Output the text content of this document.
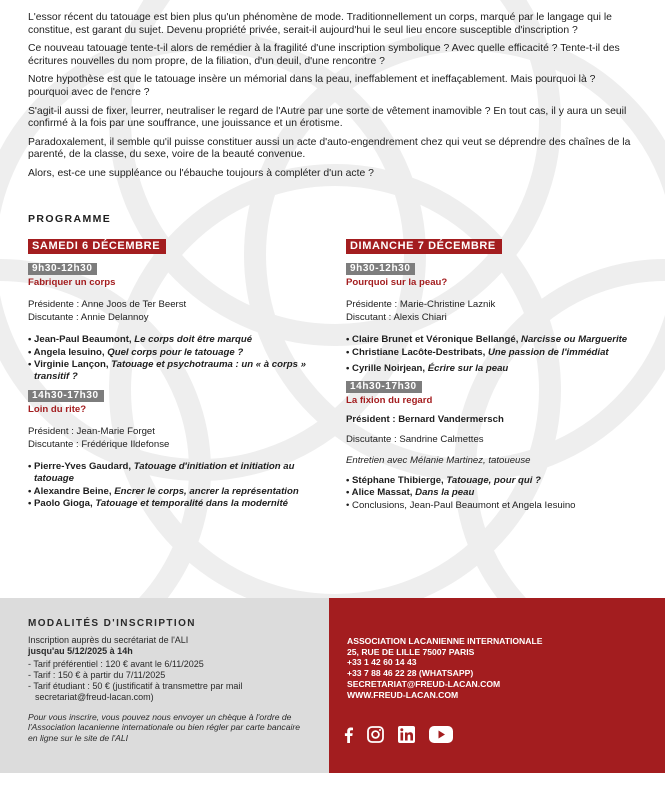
L'essor récent du tatouage est bien plus qu'un phénomène de mode. Traditionnellement un corps, marqué par le langage qui le constitue, est garant du sujet. Devenu propriété privée, serait-il aujourd'hui le seul lieu encore susceptible d'inscription ?

Ce nouveau tatouage tente-t-il alors de remédier à la fragilité d'une inscription symbolique ? Avec quelle efficacité ? Tente-t-il des écritures nouvelles du nom propre, de la filiation, d'un deuil, d'une rencontre ?

Notre hypothèse est que le tatouage insère un mémorial dans la peau, ineffablement et ineffaçablement. Mais pourquoi là ? pourquoi avec de l'encre ?

S'agit-il aussi de fixer, leurrer, neutraliser le regard de l'Autre par une sorte de vêtement inamovible ? En tout cas, il y aura un seuil confirmé à la fois par une souffrance, une jouissance et un érotisme.

Paradoxalement, il semble qu'il puisse constituer aussi un acte d'auto-engendrement chez qui veut se déprendre des chaînes de la parenté, de la classe, du sexe, voire de la beauté convenue.

Alors, est-ce une suppléance ou l'ébauche toujours à compléter d'un acte ?

PROGRAMME
SAMEDI 6 DÉCEMBRE
9h30-12h30
Fabriquer un corps
Présidente : Anne Joos de Ter Beerst
Discutante : Annie Delannoy
• Jean-Paul Beaumont, Le corps doit être marqué
• Angela Iesuino, Quel corps pour le tatouage ?
• Virginie Lançon, Tatouage et psychotrauma : un « à corps » transitif ?
14h30-17h30
Loin du rite?
Président : Jean-Marie Forget
Discutante : Frédérique Ildefonse
• Pierre-Yves Gaudard, Tatouage d'initiation et initiation au tatouage
• Alexandre Beine, Encrer le corps, ancrer la représentation
• Paolo Gioga, Tatouage et temporalité dans la modernité
DIMANCHE 7 DÉCEMBRE
9h30-12h30
Pourquoi sur la peau?
Présidente : Marie-Christine Laznik
Discutant : Alexis Chiari
• Claire Brunet et Véronique Bellangé, Narcisse ou Marguerite
• Christiane Lacôte-Destribats, Une passion de l'immédiat
• Cyrille Noirjean, Écrire sur la peau
14h30-17h30
La fixion du regard
Président : Bernard Vandermersch
Discutante : Sandrine Calmettes
Entretien avec Mélanie Martinez, tatoueuse
• Stéphane Thibierge, Tatouage, pour qui ?
• Alice Massat, Dans la peau
• Conclusions, Jean-Paul Beaumont et Angela Iesuino
MODALITÉS D'INSCRIPTION
Inscription auprès du secrétariat de l'ALI
jusqu'au 5/12/2025 à 14h
- Tarif préférentiel : 120 € avant le 6/11/2025
- Tarif : 150 € à partir du 7/11/2025
- Tarif étudiant : 50 € (justificatif à transmettre par mail secretariat@freud-lacan.com)
Pour vous inscrire, vous pouvez nous envoyer un chèque à l'ordre de l'Association lacanienne internationale ou bien régler par carte bancaire en ligne sur le site de l'ALI
ASSOCIATION LACANIENNE INTERNATIONALE
25, RUE DE LILLE 75007 PARIS
+33 1 42 60 14 43
+33 7 88 46 22 28 (WHATSAPP)
SECRETARIAT@FREUD-LACAN.COM
WWW.FREUD-LACAN.COM
